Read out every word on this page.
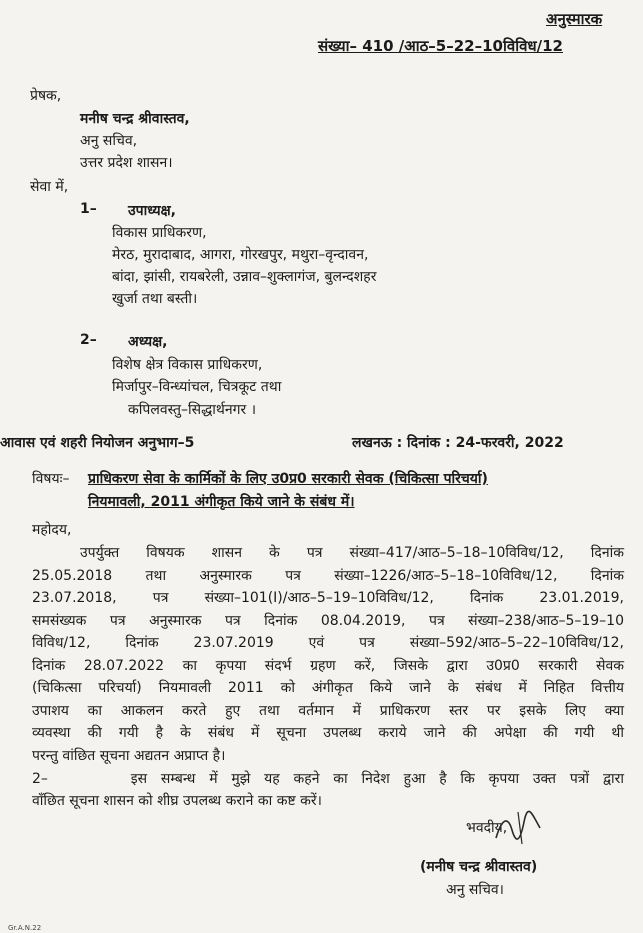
अनुस्मारक
संख्या– 410 /आठ–5–22–10विविध/12
प्रेषक,
मनीष चन्द्र श्रीवास्तव,
अनु सचिव,
उत्तर प्रदेश शासन।
सेवा में,
1– उपाध्यक्ष,
विकास प्राधिकरण,
मेरठ, मुरादाबाद, आगरा, गोरखपुर, मथुरा–वृन्दावन,
बांदा, झांसी, रायबरेली, उन्नाव–शुक्लागंज, बुलन्दशहर
खुर्जा तथा बस्ती।
2– अध्यक्ष,
विशेष क्षेत्र विकास प्राधिकरण,
मिर्जापुर–विन्ध्यांचल, चित्रकूट तथा
कपिलवस्तु–सिद्धार्थनगर ।
आवास एवं शहरी नियोजन अनुभाग–5	लखनऊ : दिनांक : 24-फरवरी, 2022
विषयः– प्राधिकरण सेवा के कार्मिकों के लिए उ0प्र0 सरकारी सेवक (चिकित्सा परिचर्या)
नियमावली, 2011 अंगीकृत किये जाने के संबंध में।
महोदय,
उपर्युक्त विषयक शासन के पत्र संख्या–417/आठ–5–18–10विविध/12, दिनांक
25.05.2018 तथा अनुस्मारक पत्र संख्या–1226/आठ–5–18–10विविध/12, दिनांक
23.07.2018, पत्र संख्या–101(I)/आठ–5–19–10विविध/12, दिनांक 23.01.2019,
समसंख्यक पत्र अनुस्मारक पत्र दिनांक 08.04.2019, पत्र संख्या–238/आठ–5–19–10
विविध/12, दिनांक 23.07.2019 एवं पत्र संख्या–592/आठ–5–22–10विविध/12,
दिनांक 28.07.2022 का कृपया संदर्भ ग्रहण करें, जिसके द्वारा उ0प्र0 सरकारी सेवक
(चिकित्सा परिचर्या) नियमावली 2011 को अंगीकृत किये जाने के संबंध में निहित वित्तीय
उपाशय का आकलन करते हुए तथा वर्तमान में प्राधिकरण स्तर पर इसके लिए क्या
व्यवस्था की गयी है के संबंध में सूचना उपलब्ध कराये जाने की अपेक्षा की गयी थी
परन्तु वांछित सूचना अद्यतन अप्राप्त है।
2–      इस सम्बन्ध में मुझे यह कहने का निदेश हुआ है कि कृपया उक्त पत्रों द्वारा
वाँछित सूचना शासन को शीघ्र उपलब्ध कराने का कष्ट करें।
भवदीय,
(मनीष चन्द्र श्रीवास्तव)
अनु सचिव।
Gr.A.N.22
